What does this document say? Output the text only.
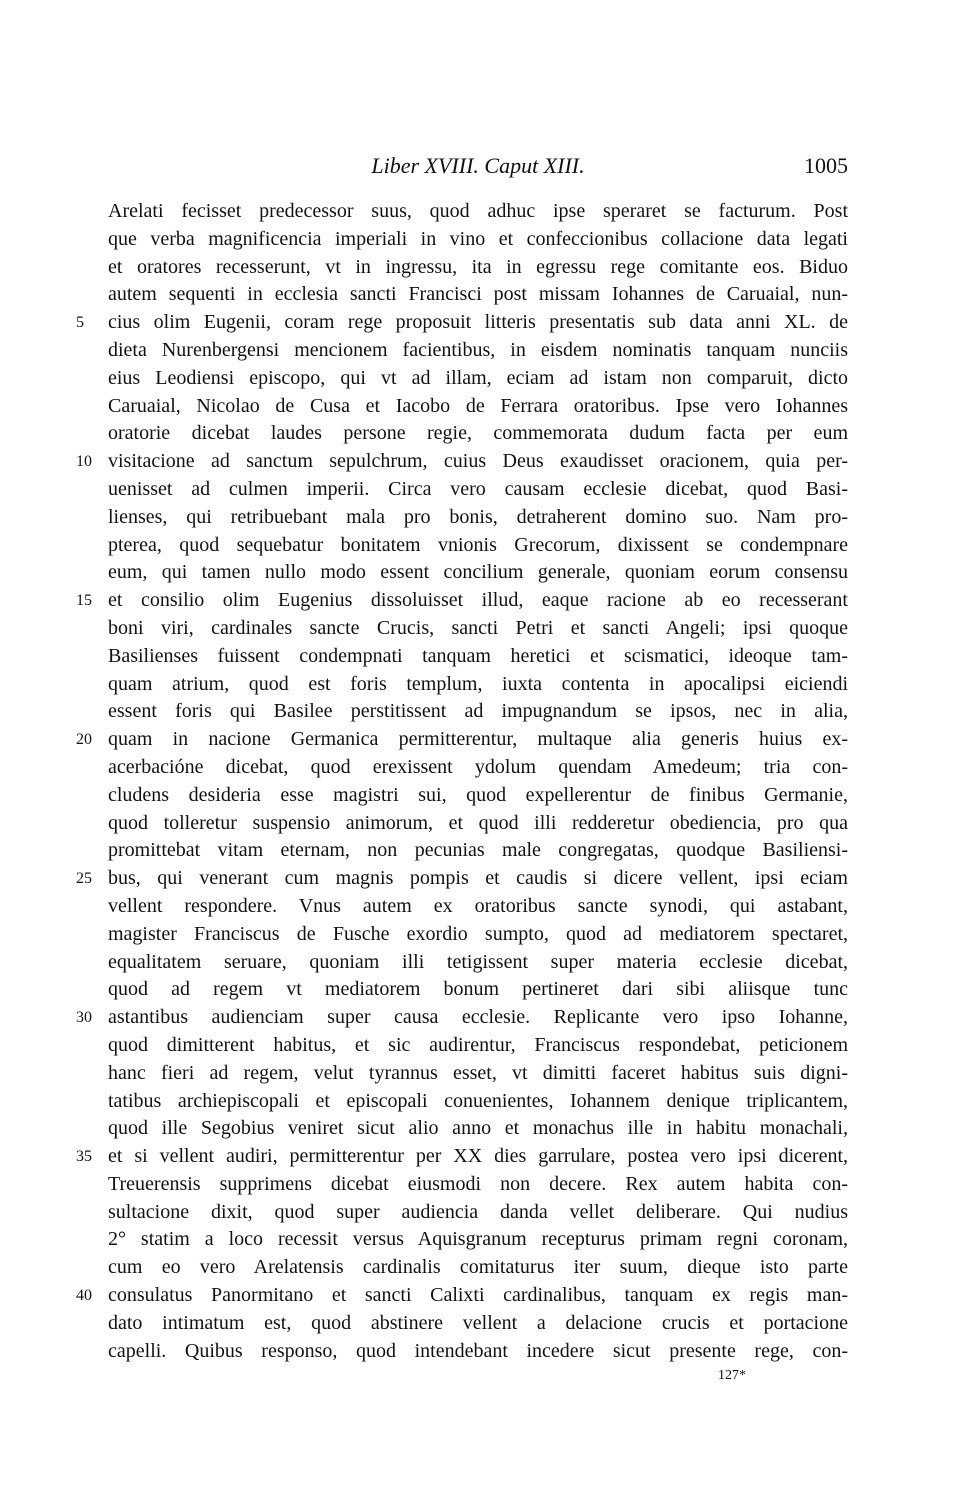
Liber XVIII. Caput XIII.	1005
Arelati fecisset predecessor suus, quod adhuc ipse speraret se facturum. Post
que verba magnificencia imperiali in vino et confeccionibus collacione data legati
et oratores recesserunt, vt in ingressu, ita in egressu rege comitante eos. Biduo
autem sequenti in ecclesia sancti Francisci post missam Iohannes de Caruaial, nun-
5	cius olim Eugenii, coram rege proposuit litteris presentatis sub data anni XL. de
dieta Nurenbergensi mencionem facientibus, in eisdem nominatis tanquam nunciis
eius Leodiensi episcopo, qui vt ad illam, eciam ad istam non comparuit, dicto
Caruaial, Nicolao de Cusa et Iacobo de Ferrara oratoribus. Ipse vero Iohannes
oratorie dicebat laudes persone regie, commemorata dudum facta per eum
10 visitacione ad sanctum sepulchrum, cuius Deus exaudisset oracionem, quia per-
uenisset ad culmen imperii. Circa vero causam ecclesie dicebat, quod Basi-
lienses, qui retribuebant mala pro bonis, detraherent domino suo. Nam pro-
pterea, quod sequebatur bonitatem vnionis Grecorum, dixissent se condempnare
eum, qui tamen nullo modo essent concilium generale, quoniam eorum consensu
15 et consilio olim Eugenius dissoluisset illud, eaque racione ab eo recesserant
boni viri, cardinales sancte Crucis, sancti Petri et sancti Angeli; ipsi quoque
Basilienses fuissent condempnati tanquam heretici et scismatici, ideoque tam-
quam atrium, quod est foris templum, iuxta contenta in apocalipsi eiciendi
essent foris qui Basilee perstitissent ad impugnandum se ipsos, nec in alia,
20 quam in nacione Germanica permitterentur, multaque alia generis huius ex-
acerbacióne dicebat, quod erexissent ydolum quendam Amedeum; tria con-
cludens desideria esse magistri sui, quod expellerentur de finibus Germanie,
quod tolleretur suspensio animorum, et quod illi redderetur obediencia, pro qua
promittebat vitam eternam, non pecunias male congregatas, quodque Basiliensi-
25 bus, qui venerant cum magnis pompis et caudis si dicere vellent, ipsi eciam
vellent respondere. Vnus autem ex oratoribus sancte synodi, qui astabant,
magister Franciscus de Fusche exordio sumpto, quod ad mediatorem spectaret,
equalitatem seruare, quoniam illi tetigissent super materia ecclesie dicebat,
quod ad regem vt mediatorem bonum pertineret dari sibi aliisque tunc
30 astantibus audienciam super causa ecclesie. Replicante vero ipso Iohanne,
quod dimitterent habitus, et sic audirentur, Franciscus respondebat, peticionem
hanc fieri ad regem, velut tyrannus esset, vt dimitti faceret habitus suis digni-
tatibus archiepiscopali et episcopali conuenientes, Iohannem denique triplicantem,
quod ille Segobius veniret sicut alio anno et monachus ille in habitu monachali,
35 et si vellent audiri, permitterentur per XX dies garrulare, postea vero ipsi dicerent,
Treuerensis supprimens dicebat eiusmodi non decere. Rex autem habita con-
sultacione dixit, quod super audiencia danda vellet deliberare. Qui nudius
2° statim a loco recessit versus Aquisgranum recepturus primam regni coronam,
cum eo vero Arelatensis cardinalis comitaturus iter suum, dieque isto parte
40 consulatus Panormitano et sancti Calixti cardinalibus, tanquam ex regis man-
dato intimatum est, quod abstinere vellent a delacione crucis et portacione
capelli. Quibus responso, quod intendebant incedere sicut presente rege, con-
127*
